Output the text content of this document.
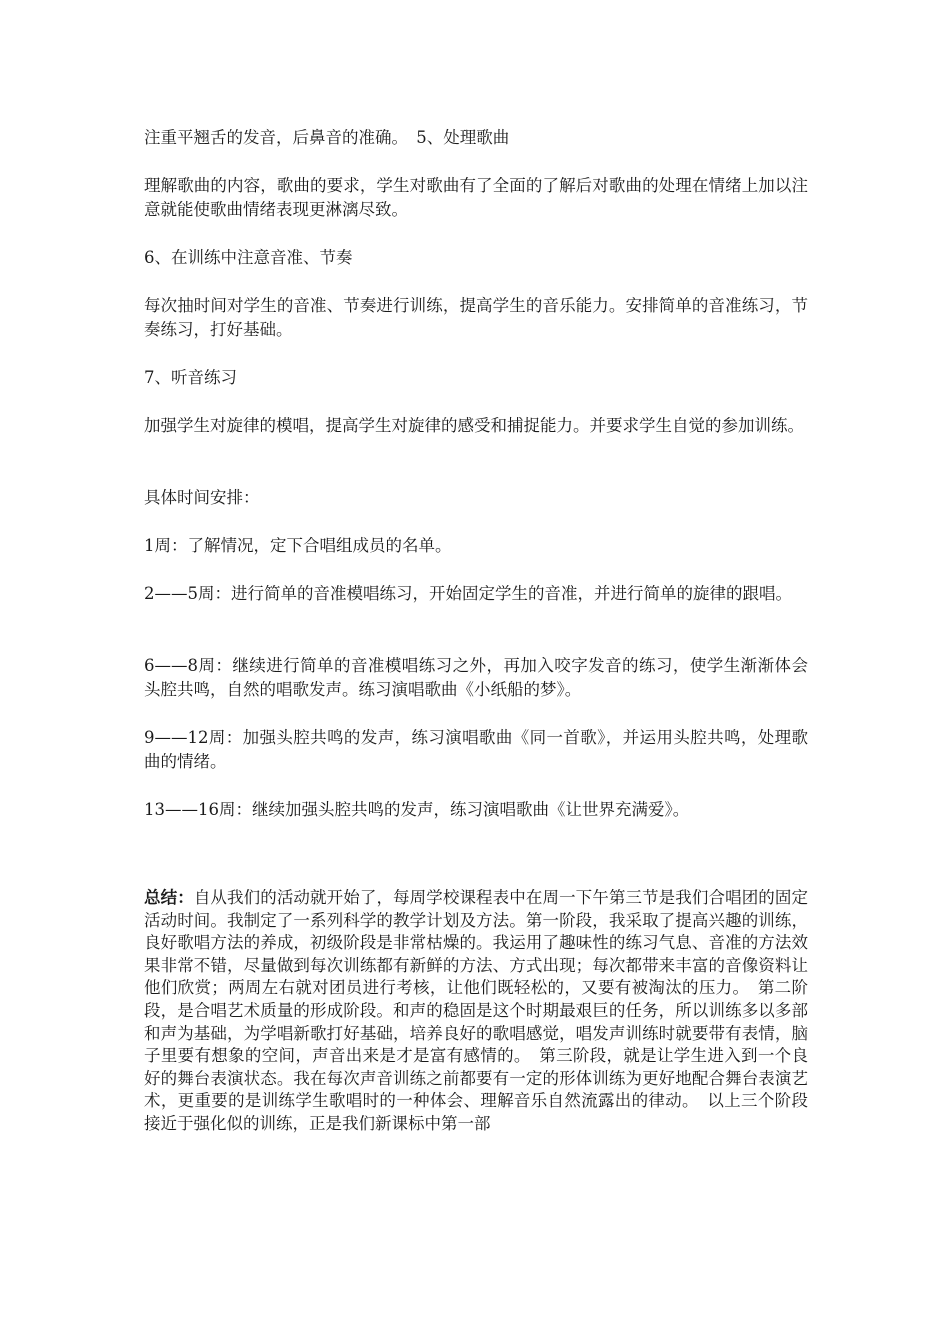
注重平翘舌的发音，后鼻音的准确。　5、处理歌曲

理解歌曲的内容，歌曲的要求，学生对歌曲有了全面的了解后对歌曲的处理在情绪上加以注意就能使歌曲情绪表现更淋漓尽致。

6、在训练中注意音准、节奏

每次抽时间对学生的音准、节奏进行训练，提高学生的音乐能力。安排简单的音准练习，节奏练习，打好基础。

7、听音练习

加强学生对旋律的模唱，提高学生对旋律的感受和捕捉能力。并要求学生自觉的参加训练。

具体时间安排：

1周：了解情况，定下合唱组成员的名单。

2——5周：进行简单的音准模唱练习，开始固定学生的音准，并进行简单的旋律的跟唱。

6——8周：继续进行简单的音准模唱练习之外，再加入咬字发音的练习，使学生渐渐体会头腔共鸣，自然的唱歌发声。练习演唱歌曲《小纸船的梦》。

9——12周：加强头腔共鸣的发声，练习演唱歌曲《同一首歌》，并运用头腔共鸣，处理歌曲的情绪。

13——16周：继续加强头腔共鸣的发声，练习演唱歌曲《让世界充满爱》。

总结：自从我们的活动就开始了，每周学校课程表中在周一下午第三节是我们合唱团的固定活动时间。我制定了一系列科学的教学计划及方法。第一阶段，我采取了提高兴趣的训练，良好歌唱方法的养成，初级阶段是非常枯燥的。我运用了趣味性的练习气息、音准的方法效果非常不错，尽量做到每次训练都有新鲜的方法、方式出现；每次都带来丰富的音像资料让他们欣赏；两周左右就对团员进行考核，让他们既轻松的，又要有被淘汰的压力。　第二阶段，是合唱艺术质量的形成阶段。和声的稳固是这个时期最艰巨的任务，所以训练多以多部和声为基础，为学唱新歌打好基础，培养良好的歌唱感觉，唱发声训练时就要带有表情，脑子里要有想象的空间，声音出来是才是富有感情的。　第三阶段，就是让学生进入到一个良好的舞台表演状态。我在每次声音训练之前都要有一定的形体训练为更好地配合舞台表演艺术，更重要的是训练学生歌唱时的一种体会、理解音乐自然流露出的律动。　以上三个阶段接近于强化似的训练，正是我们新课标中第一部
